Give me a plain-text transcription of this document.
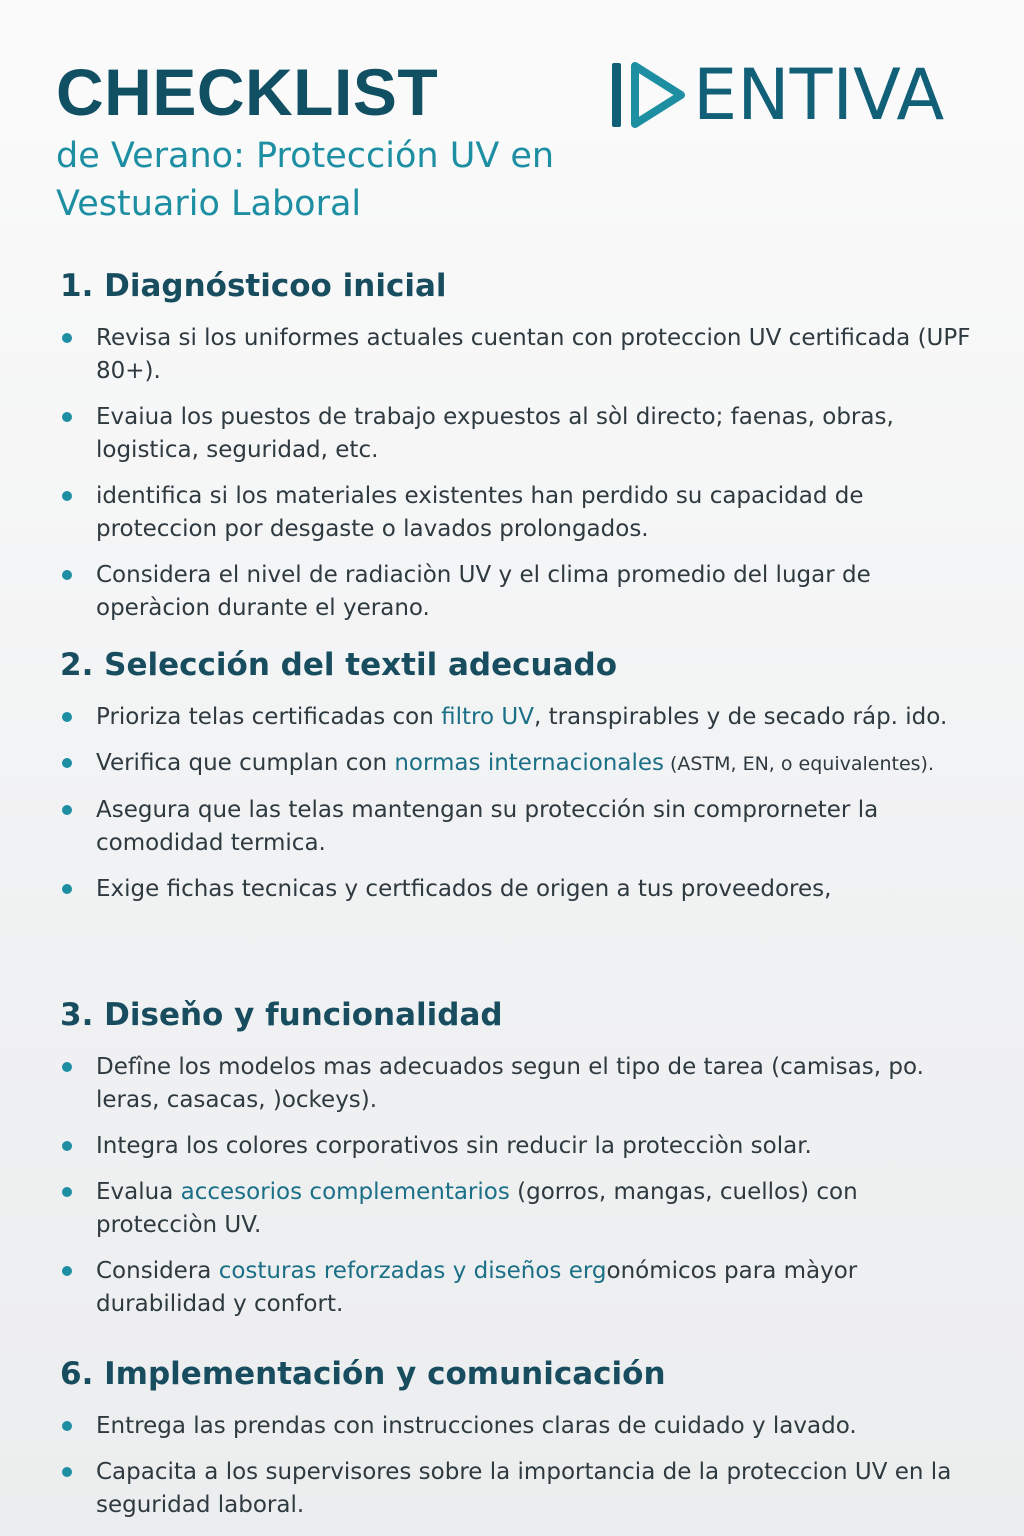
CHECKLIST
de Verano: Protección UV en Vestuario Laboral
ENTIVA
1. Diagnósticoo inicial
Revisa si los uniformes actuales cuentan con proteccion UV certificada (UPF 80+).
Evaiua los puestos de trabajo expuestos al sòl directo; faenas, obras, logistica, seguridad, etc.
identifica si los materiales existentes han perdido su capacidad de proteccion por desgaste o lavados prolongados.
Considera el nivel de radiaciòn UV y el clima promedio del lugar de operàcion durante el yerano.
2. Selección del textil adecuado
Prioriza telas certificadas con filtro UV, transpirables y de secado ráp. ido.
Verifica que cumplan con normas internacionales (ASTM, EN, o equivalentes).
Asegura que las telas mantengan su protección sin comprorneter la comodidad termica.
Exige fichas tecnicas y certficados de origen a tus proveedores,
3. Diseňo y funcionalidad
Defîne los modelos mas adecuados segun el tipo de tarea (camisas, po. leras, casacas, )ockeys).
Integra los colores corporativos sin reducir la protecciòn solar.
Evalua accesorios complementarios (gorros, mangas, cuellos) con protecciòn UV.
Considera costuras reforzadas y diseños ergonómicos para màyor durabilidad y confort.
6. Implementación y comunicación
Entrega las prendas con instrucciones claras de cuidado y lavado.
Capacita a los supervisores sobre la importancia de la proteccion UV en la seguridad laboral.
